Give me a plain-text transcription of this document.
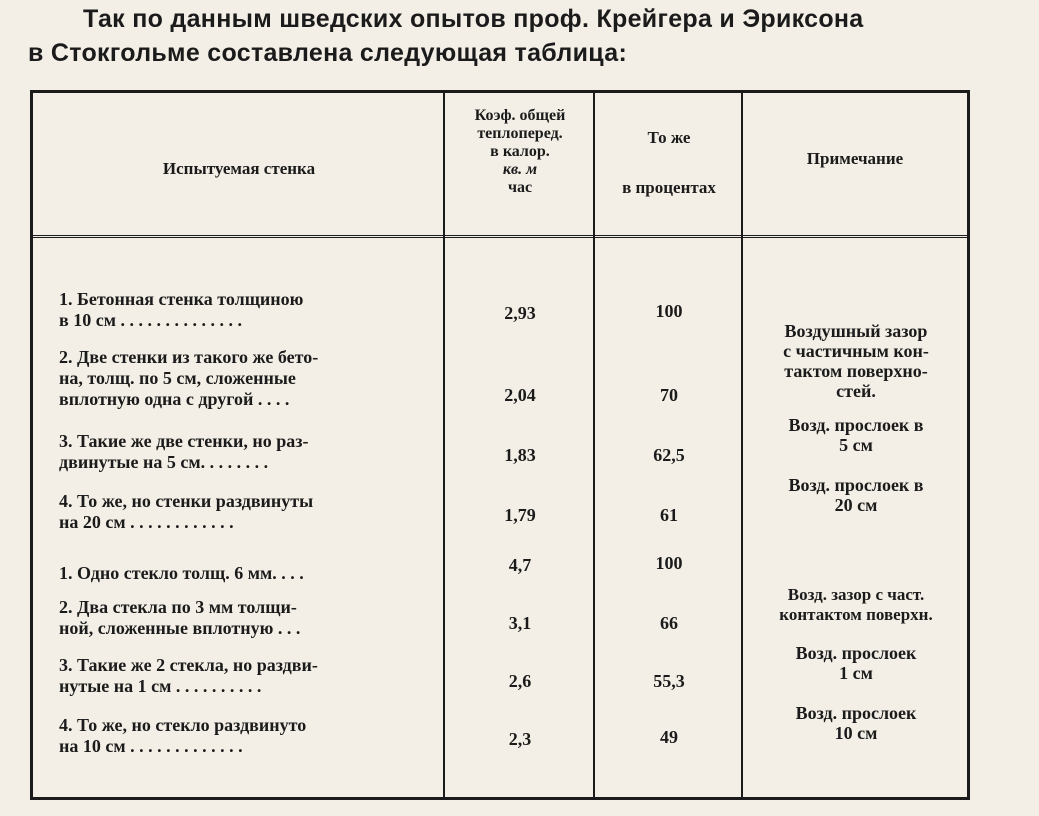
Так по данным шведских опытов проф. Крейгера и Эриксона
в Стокгольме составлена следующая таблица:
Испытуемая стенка
Коэф. общей
теплоперед.
в калор.
кв. м
час
То же
в процентах
Примечание
1. Бетонная стенка толщиною
в 10 см . . . . . . . . . . . . . .
2. Две стенки из такого же бето-
на, толщ. по 5 см, сложенные
вплотную одна с другой . . . .
3. Такие же две стенки, но раз-
двинутые на 5 см. . . . . . . .
4. То же, но стенки раздвинуты
на 20 см . . . . . . . . . . . .
1. Одно стекло толщ. 6 мм. . . .
2. Два стекла по 3 мм толщи-
ной, сложенные вплотную . . .
3. Такие же 2 стекла, но раздви-
нутые на 1 см . . . . . . . . . .
4. То же, но стекло раздвинуто
на 10 см . . . . . . . . . . . . .
2,93
2,04
1,83
1,79
4,7
3,1
2,6
2,3
100
70
62,5
61
100
66
55,3
49
Воздушный зазор
с частичным кон-
тактом поверхно-
стей.
Возд. прослоек в
5 см
Возд. прослоек в
20 см
Возд. зазор с част.
контактом поверхн.
Возд. прослоек
1 см
Возд. прослоек
10 см
